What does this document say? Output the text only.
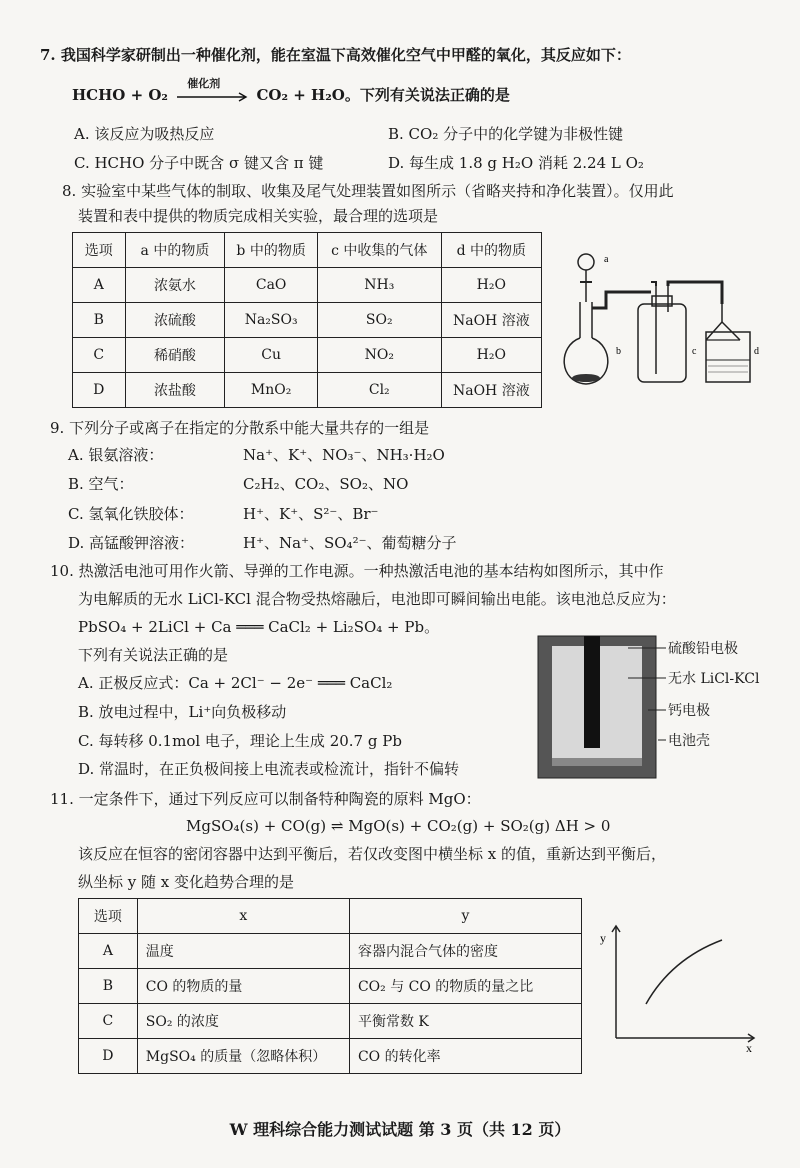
7. 我国科学家研制出一种催化剂，能在室温下高效催化空气中甲醛的氧化，其反应如下：
HCHO + O₂
催化剂
CO₂ + H₂O。下列有关说法正确的是
A. 该反应为吸热反应	B. CO₂ 分子中的化学键为非极性键
C. HCHO 分子中既含 σ 键又含 π 键	D. 每生成 1.8 g H₂O 消耗 2.24 L O₂
8. 实验室中某些气体的制取、收集及尾气处理装置如图所示（省略夹持和净化装置）。仅用此
装置和表中提供的物质完成相关实验，最合理的选项是
选项	a 中的物质	b 中的物质	c 中收集的气体	d 中的物质
A	浓氨水	CaO	NH₃	H₂O
B	浓硫酸	Na₂SO₃	SO₂	NaOH 溶液
C	稀硝酸	Cu	NO₂	H₂O
D	浓盐酸	MnO₂	Cl₂	NaOH 溶液
a
b	c	d
9. 下列分子或离子在指定的分散系中能大量共存的一组是
A. 银氨溶液：	Na⁺、K⁺、NO₃⁻、NH₃·H₂O
B. 空气：	C₂H₂、CO₂、SO₂、NO
C. 氢氧化铁胶体：	H⁺、K⁺、S²⁻、Br⁻
D. 高锰酸钾溶液：	H⁺、Na⁺、SO₄²⁻、葡萄糖分子
10. 热激活电池可用作火箭、导弹的工作电源。一种热激活电池的基本结构如图所示，其中作
为电解质的无水 LiCl-KCl 混合物受热熔融后，电池即可瞬间输出电能。该电池总反应为：
PbSO₄ + 2LiCl + Ca ═══ CaCl₂ + Li₂SO₄ + Pb。
下列有关说法正确的是
A. 正极反应式：Ca + 2Cl⁻ − 2e⁻ ═══ CaCl₂
B. 放电过程中，Li⁺向负极移动
C. 每转移 0.1mol 电子，理论上生成 20.7 g Pb
D. 常温时，在正负极间接上电流表或检流计，指针不偏转
硫酸铅电极
无水 LiCl-KCl
钙电极
电池壳
11. 一定条件下，通过下列反应可以制备特种陶瓷的原料 MgO：
MgSO₄(s) + CO(g) ⇌ MgO(s) + CO₂(g) + SO₂(g) ΔH > 0
该反应在恒容的密闭容器中达到平衡后，若仅改变图中横坐标 x 的值，重新达到平衡后，
纵坐标 y 随 x 变化趋势合理的是
选项	x	y
A	温度	容器内混合气体的密度
B	CO 的物质的量	CO₂ 与 CO 的物质的量之比
C	SO₂ 的浓度	平衡常数 K
D	MgSO₄ 的质量（忽略体积）	CO 的转化率
y
x
W 理科综合能力测试试题 第 3 页（共 12 页）
